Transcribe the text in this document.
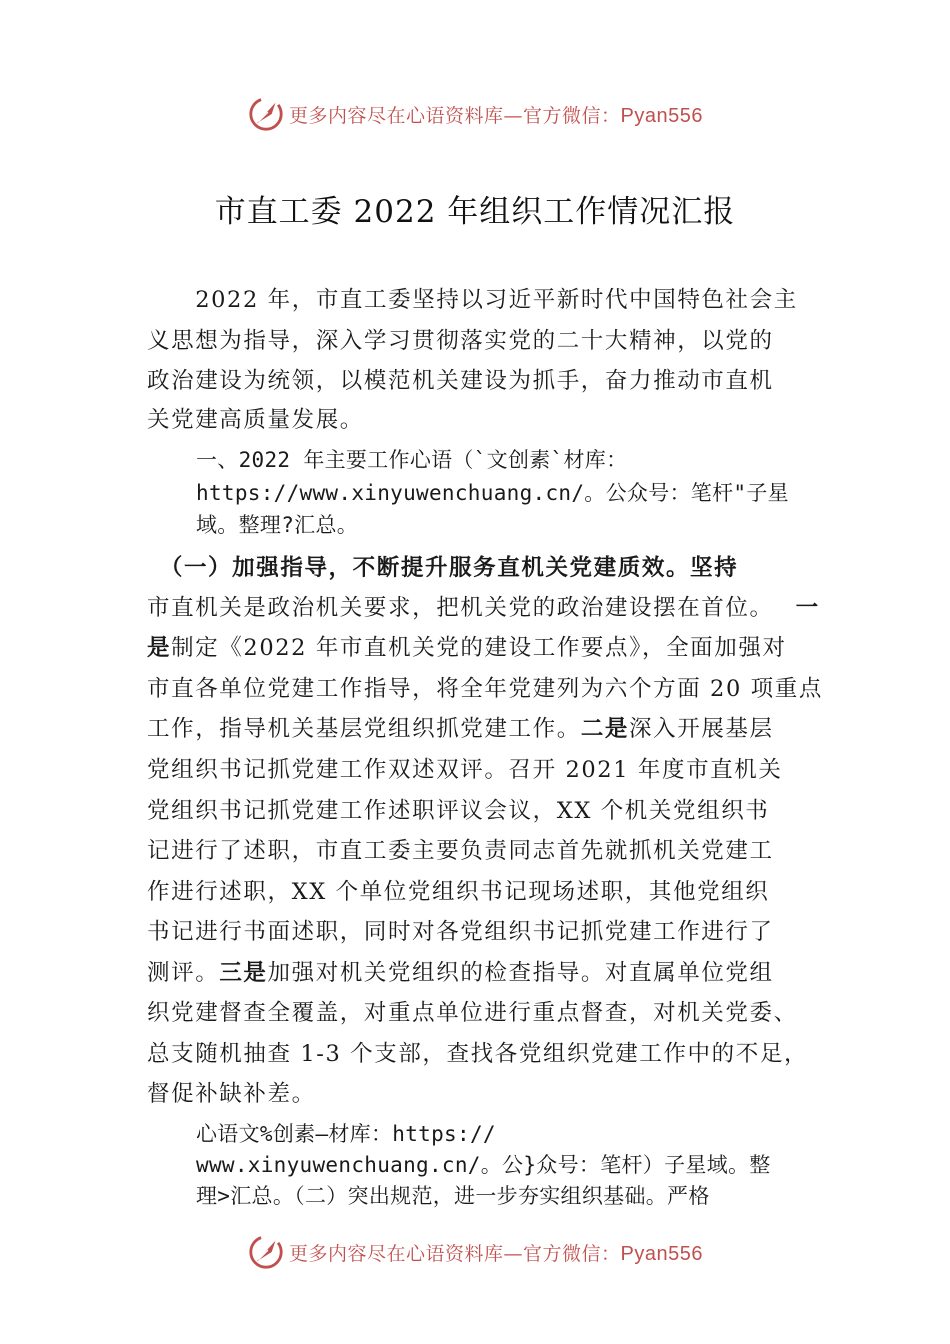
更多内容尽在心语资料库—官方微信：Pyan556
市直工委 2022 年组织工作情况汇报
　　2022 年，市直工委坚持以习近平新时代中国特色社会主
义思想为指导，深入学习贯彻落实党的二十大精神，以党的
政治建设为统领，以模范机关建设为抓手，奋力推动市直机
关党建高质量发展。
一、2022 年主要工作心语（`文创素`材库：
https://www.xinyuwenchuang.cn/。公众号：笔杆"子星
域。整理?汇总。
　（一）加强指导，不断提升服务直机关党建质效。坚持
市直机关是政治机关要求，把机关党的政治建设摆在首位。 一
是制定《2022 年市直机关党的建设工作要点》，全面加强对
市直各单位党建工作指导，将全年党建列为六个方面 20 项重点
工作，指导机关基层党组织抓党建工作。二是深入开展基层
党组织书记抓党建工作双述双评。召开 2021 年度市直机关
党组织书记抓党建工作述职评议会议，XX 个机关党组织书
记进行了述职，市直工委主要负责同志首先就抓机关党建工
作进行述职，XX 个单位党组织书记现场述职，其他党组织
书记进行书面述职，同时对各党组织书记抓党建工作进行了
测评。三是加强对机关党组织的检查指导。对直属单位党组
织党建督查全覆盖，对重点单位进行重点督查，对机关党委、
总支随机抽查 1-3 个支部，查找各党组织党建工作中的不足，
督促补缺补差。
心语文%创素—材库：https://
www.xinyuwenchuang.cn/。公}众号：笔杆）子星域。整
理>汇总。（二）突出规范，进一步夯实组织基础。严格
更多内容尽在心语资料库—官方微信：Pyan556
